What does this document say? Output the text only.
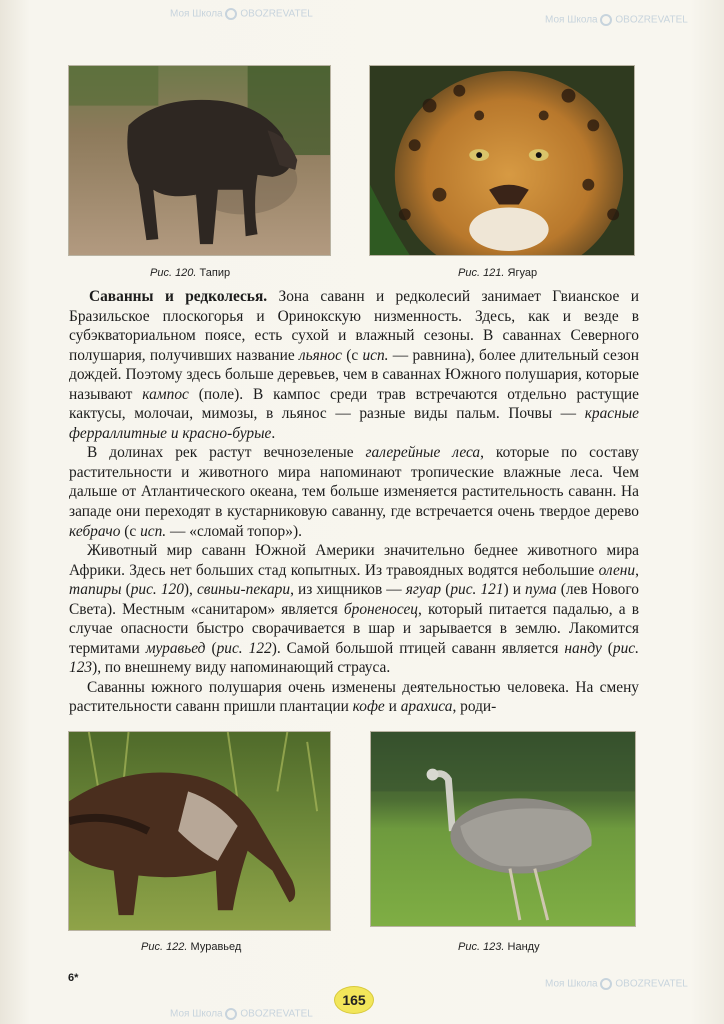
Рис. 120. Тапир	Рис. 121. Ягуар

Саванны и редколесья. Зона саванн и редколесий занимает Гвианское и Бразильское плоскогорья и Оринокскую низменность. Здесь, как и везде в субэкваториальном поясе, есть сухой и влажный сезоны. В саваннах Северного полушария, получивших название льянос (с исп. — равнина), более длительный сезон дождей. Поэтому здесь больше деревьев, чем в саваннах Южного полушария, которые называют кампос (поле). В кампос среди трав встречаются отдельно растущие кактусы, молочаи, мимозы, в льянос — разные виды пальм. Почвы — красные ферраллитные и красно-бурые.

В долинах рек растут вечнозеленые галерейные леса, которые по составу растительности и животного мира напоминают тропические влажные леса. Чем дальше от Атлантического океана, тем больше изменяется растительность саванн. На западе они переходят в кустарниковую саванну, где встречается очень твердое дерево кебрачо (с исп. — «сломай топор»).

Животный мир саванн Южной Америки значительно беднее животного мира Африки. Здесь нет больших стад копытных. Из травоядных водятся небольшие олени, тапиры (рис. 120), свиньи-пекари, из хищников — ягуар (рис. 121) и пума (лев Нового Света). Местным «санитаром» является броненосец, который питается падалью, а в случае опасности быстро сворачивается в шар и зарывается в землю. Лакомится термитами муравьед (рис. 122). Самой большой птицей саванн является нанду (рис. 123), по внешнему виду напоминающий страуса.

Саванны южного полушария очень изменены деятельностью человека. На смену растительности саванн пришли плантации кофе и арахиса, роди-

Рис. 122. Муравьед	Рис. 123. Нанду
6*
165
Моя Школа OBOZREVATEL
Моя Школа OBOZREVATEL
Моя Школа OBOZREVATEL
Моя Школа OBOZREVATEL
